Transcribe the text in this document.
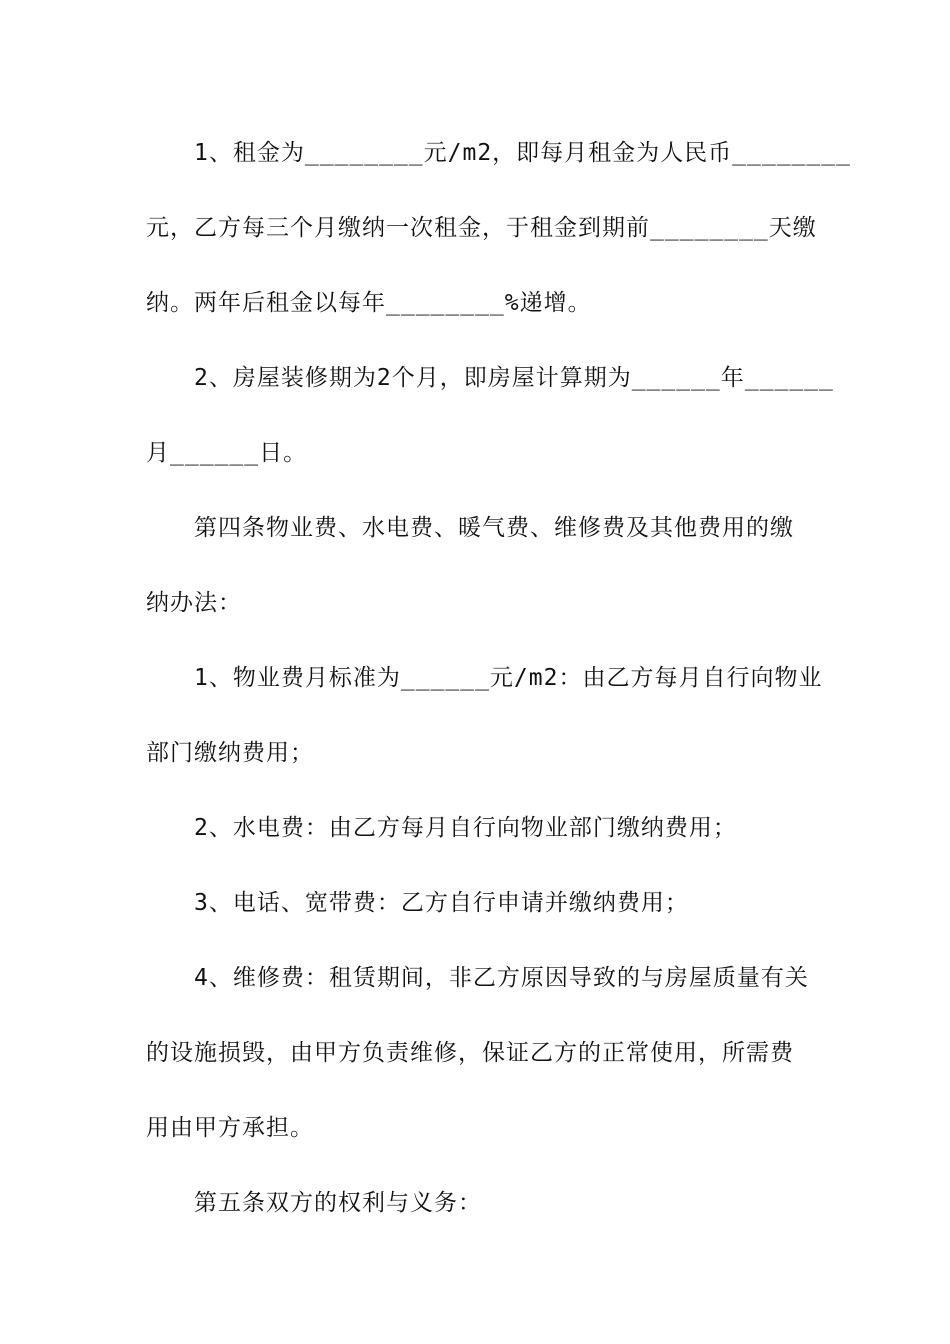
1、租金为________元/m2，即每月租金为人民币________

元，乙方每三个月缴纳一次租金，于租金到期前________天缴

纳。两年后租金以每年________%递增。

2、房屋装修期为2个月，即房屋计算期为______年______

月______日。

第四条物业费、水电费、暖气费、维修费及其他费用的缴

纳办法：

1、物业费月标准为______元/m2：由乙方每月自行向物业

部门缴纳费用；

2、水电费：由乙方每月自行向物业部门缴纳费用；

3、电话、宽带费：乙方自行申请并缴纳费用；

4、维修费：租赁期间，非乙方原因导致的与房屋质量有关

的设施损毁，由甲方负责维修，保证乙方的正常使用，所需费

用由甲方承担。

第五条双方的权利与义务：
